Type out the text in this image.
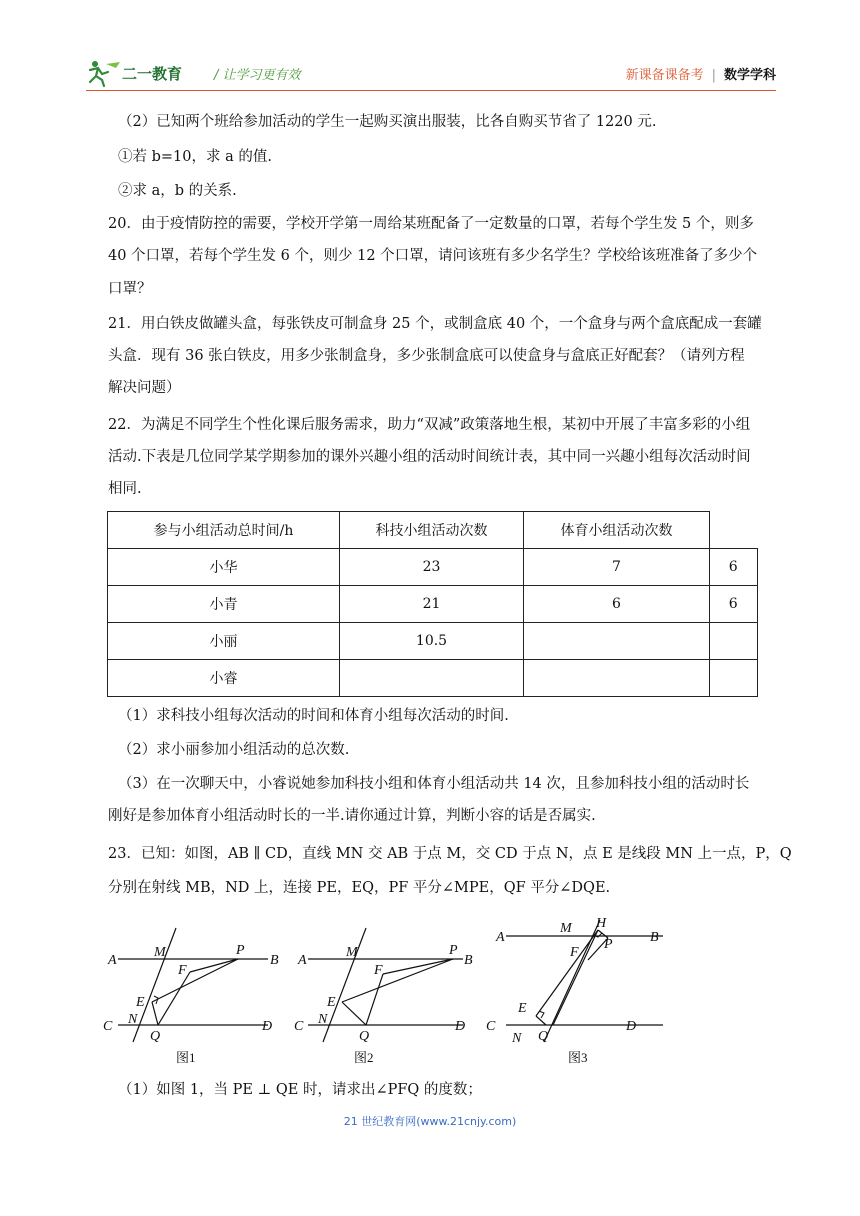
二一教育 / 让学习更有效	新课备课备考 | 数学学科
（2）已知两个班给参加活动的学生一起购买演出服装，比各自购买节省了 1220 元.
①若 b=10，求 a 的值.
②求 a，b 的关系.
20．由于疫情防控的需要，学校开学第一周给某班配备了一定数量的口罩，若每个学生发 5 个，则多
40 个口罩，若每个学生发 6 个，则少 12 个口罩，请问该班有多少名学生？学校给该班准备了多少个
口罩？
21．用白铁皮做罐头盒，每张铁皮可制盒身 25 个，或制盒底 40 个，一个盒身与两个盒底配成一套罐
头盒．现有 36 张白铁皮，用多少张制盒身，多少张制盒底可以使盒身与盒底正好配套？（请列方程
解决问题）
22．为满足不同学生个性化课后服务需求，助力“双减”政策落地生根，某初中开展了丰富多彩的小组
活动.下表是几位同学某学期参加的课外兴趣小组的活动时间统计表，其中同一兴趣小组每次活动时间
相同.
参与小组活动总时间/h	科技小组活动次数	体育小组活动次数	
小华	23	7	6
小青	21	6	6
小丽	10.5		
小睿			
（1）求科技小组每次活动的时间和体育小组每次活动的时间.
（2）求小丽参加小组活动的总次数.
（3）在一次聊天中，小睿说她参加科技小组和体育小组活动共 14 次，且参加科技小组的活动时长
刚好是参加体育小组活动时长的一半.请你通过计算，判断小容的话是否属实.
23．已知：如图，AB ∥ CD，直线 MN 交 AB 于点 M，交 CD 于点 N，点 E 是线段 MN 上一点，P，Q
分别在射线 MB，ND 上，连接 PE，EQ，PF 平分∠MPE，QF 平分∠DQE.
A	B
C	D
M
N
E
F
P
Q
A	B
C	D
M
N
E
F
P
Q
A	B
C	D
M H
P
F
E
N Q
图1	图2	图3
（1）如图 1，当 PE ⊥ QE 时，请求出∠PFQ 的度数；
21 世纪教育网(www.21cnjy.com)
